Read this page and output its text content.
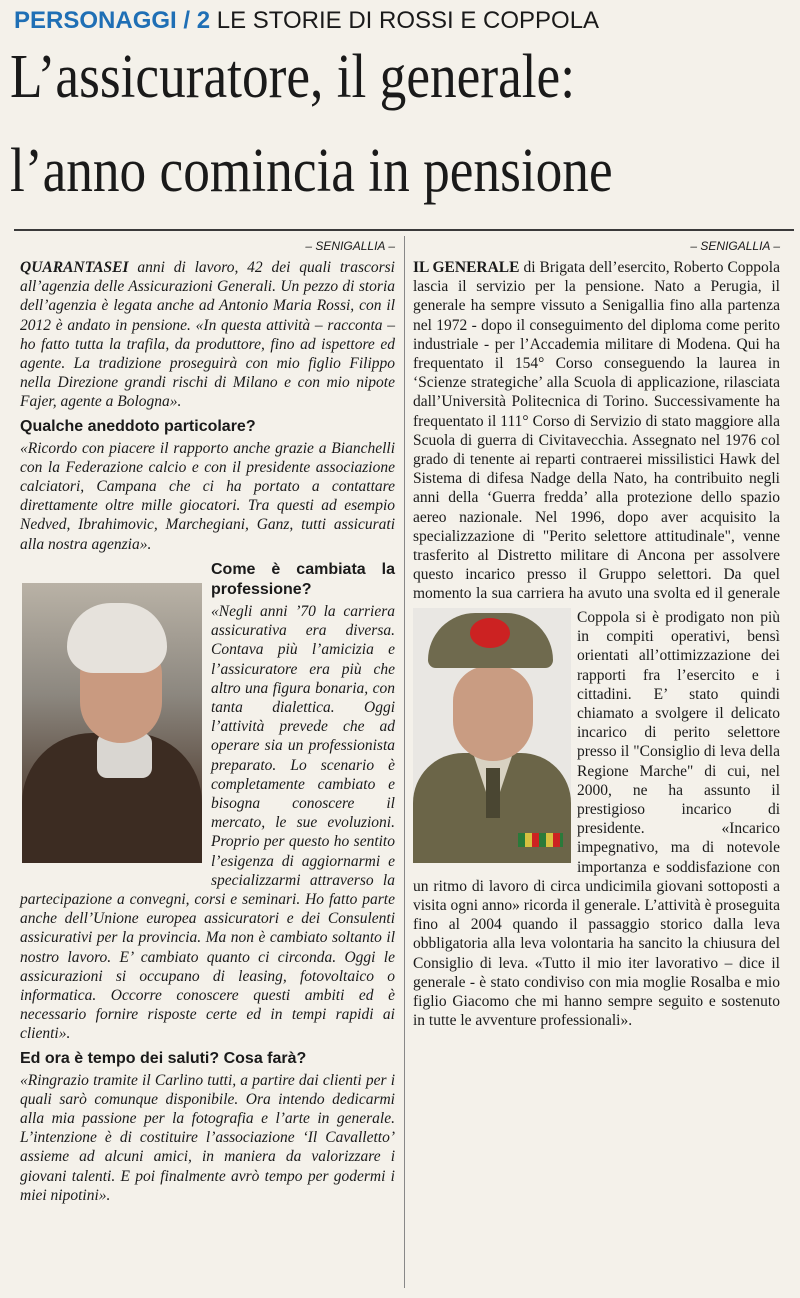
PERSONAGGI / 2 LE STORIE DI ROSSI E COPPOLA
L’assicuratore, il generale:
l’anno comincia in pensione
– SENIGALLIA –

QUARANTASEI anni di lavoro, 42 dei quali trascorsi all’agenzia delle Assicurazioni Generali. Un pezzo di storia dell’agenzia è legata anche ad Antonio Maria Rossi, con il 2012 è andato in pensione. «In questa attività – racconta – ho fatto tutta la trafila, da produttore, fino ad ispettore ed agente. La tradizione proseguirà con mio figlio Filippo nella Direzione grandi rischi di Milano e con mio nipote Fajer, agente a Bologna».

Qualche aneddoto particolare?

«Ricordo con piacere il rapporto anche grazie a Bianchelli con la Federazione calcio e con il presidente associazione calciatori, Campana che ci ha portato a contattare direttamente oltre mille giocatori. Tra questi ad esempio Nedved, Ibrahimovic, Marchegiani, Ganz, tutti assicurati alla nostra agenzia».

Come è cambiata la professione?

«Negli anni ’70 la carriera assicurativa era diversa. Contava più l’amicizia e l’assicuratore era più che altro una figura bonaria, con tanta dialettica. Oggi l’attività prevede che ad operare sia un professionista preparato. Lo scenario è completamente cambiato e bisogna conoscere il mercato, le sue evoluzioni. Proprio per questo ho sentito l’esigenza di aggiornarmi e specializzarmi attraverso la partecipazione a convegni, corsi e seminari. Ho fatto parte anche dell’Unione europea assicuratori e dei Consulenti assicurativi per la provincia. Ma non è cambiato soltanto il nostro lavoro. E’ cambiato quanto ci circonda. Oggi le assicurazioni si occupano di leasing, fotovoltaico o informatica. Occorre conoscere questi ambiti ed è necessario fornire risposte certe ed in tempi rapidi ai clienti».

Ed ora è tempo dei saluti? Cosa farà?

«Ringrazio tramite il Carlino tutti, a partire dai clienti per i quali sarò comunque disponibile. Ora intendo dedicarmi alla mia passione per la fotografia e l’arte in generale. L’intenzione è di costituire l’associazione ‘Il Cavalletto’ assieme ad alcuni amici, in maniera da valorizzare i giovani talenti. E poi finalmente avrò tempo per godermi i miei nipotini».

– SENIGALLIA –

IL GENERALE di Brigata dell’esercito, Roberto Coppola lascia il servizio per la pensione. Nato a Perugia, il generale ha sempre vissuto a Senigallia fino alla partenza nel 1972 - dopo il conseguimento del diploma come perito industriale - per l’Accademia militare di Modena. Qui ha frequentato il 154° Corso conseguendo la laurea in ‘Scienze strategiche’ alla Scuola di applicazione, rilasciata dall’Università Politecnica di Torino. Successivamente ha frequentato il 111° Corso di Servizio di stato maggiore alla Scuola di guerra di Civitavecchia. Assegnato nel 1976 col grado di tenente ai reparti contraerei missilistici Hawk del Sistema di difesa Nadge della Nato, ha contribuito negli anni della ‘Guerra fredda’ alla protezione dello spazio aereo nazionale. Nel 1996, dopo aver acquisito la specializzazione di "Perito selettore attitudinale", venne trasferito al Distretto militare di Ancona per assolvere questo incarico presso il Gruppo selettori. Da quel momento la sua carriera ha avuto una svolta ed il generale Coppola si è prodigato non più in compiti operativi, bensì orientati all’ottimizzazione dei rapporti fra l’esercito e i cittadini. E’ stato quindi chiamato a svolgere il delicato incarico di perito selettore presso il "Consiglio di leva della Regione Marche" di cui, nel 2000, ne ha assunto il prestigioso incarico di presidente. «Incarico impegnativo, ma di notevole importanza e soddisfazione con un ritmo di lavoro di circa undicimila giovani sottoposti a visita ogni anno» ricorda il generale. L’attività è proseguita fino al 2004 quando il passaggio storico dalla leva obbligatoria alla leva volontaria ha sancito la chiusura del Consiglio di leva. «Tutto il mio iter lavorativo – dice il generale - è stato condiviso con mia moglie Rosalba e mio figlio Giacomo che mi hanno sempre seguito e sostenuto in tutte le avventure professionali».
